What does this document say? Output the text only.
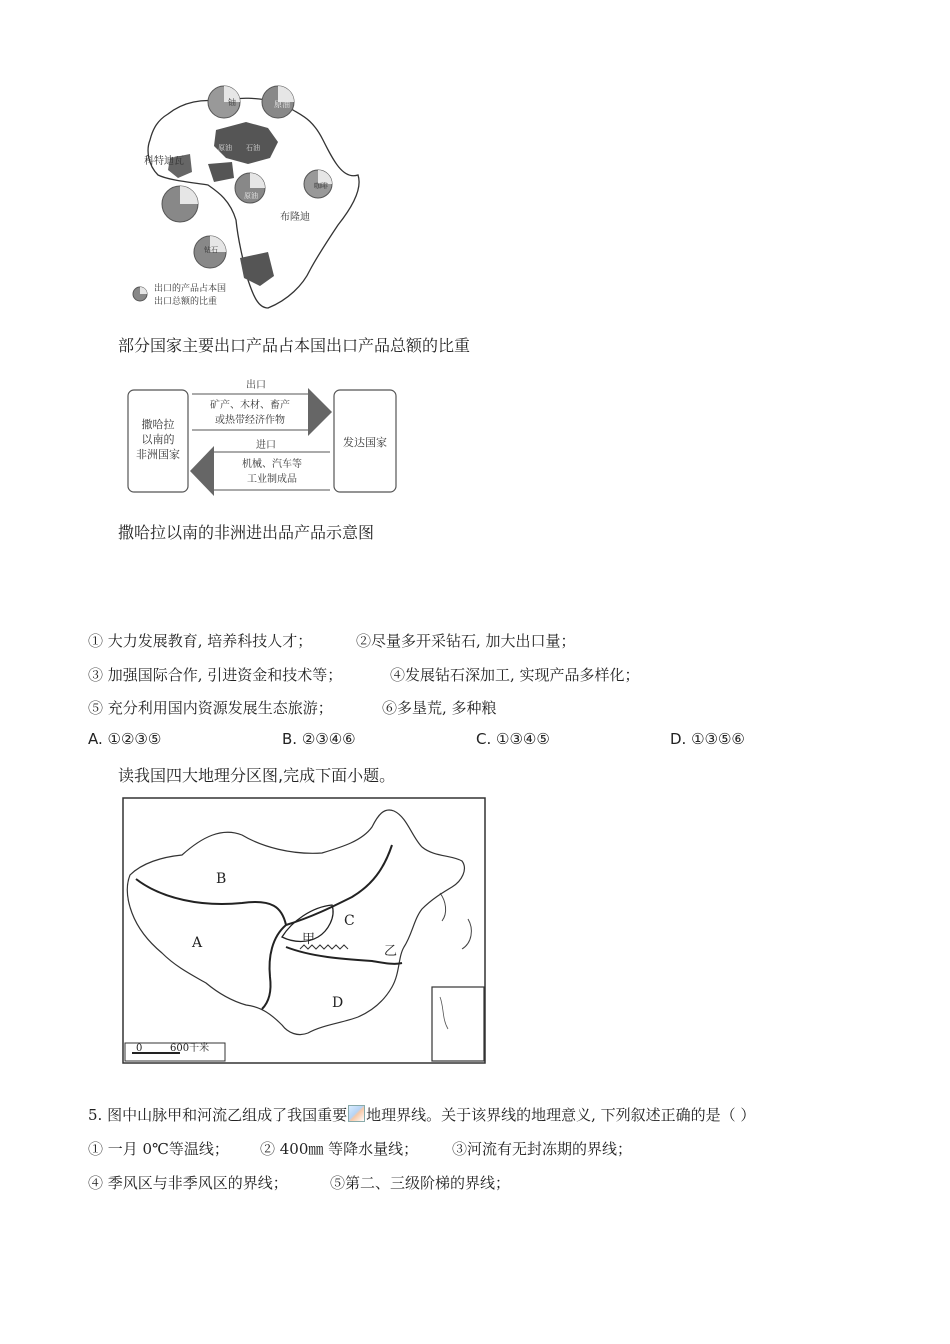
铀	原油
原油
咖啡
钻石
科特迪瓦
布隆迪
石油
原油
出口的产品占本国
出口总额的比重
部分国家主要出口产品占本国出口产品总额的比重
撒哈拉
以南的
非洲国家
发达国家
出口
矿产、木材、畜产
或热带经济作物
进口
机械、汽车等
工业制成品
撒哈拉以南的非洲进出品产品示意图
① 大力发展教育, 培养科技人才；	②尽量多开采钻石, 加大出口量；
③ 加强国际合作, 引进资金和技术等；	④发展钻石深加工, 实现产品多样化；
⑤ 充分利用国内资源发展生态旅游；	⑥多垦荒, 多种粮
A. ①②③⑤	B. ②③④⑥	C. ①③④⑤	D. ①③⑤⑥
读我国四大地理分区图,完成下面小题。
A
B
C
D
甲
乙
0	600千米
5. 图中山脉甲和河流乙组成了我国重要 地理界线。关于该界线的地理意义, 下列叙述正确的是（ ）
① 一月 0℃等温线； ② 400㎜ 等降水量线； ③河流有无封冻期的界线；
④ 季风区与非季风区的界线；	⑤第二、三级阶梯的界线；
